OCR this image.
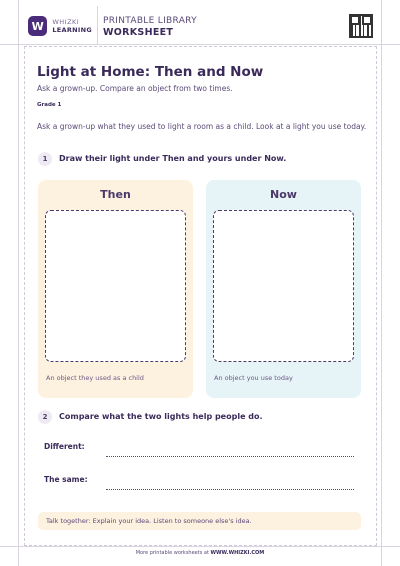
W	WHIZKI
LEARNING
PRINTABLE LIBRARY
WORKSHEET
Light at Home: Then and Now
Ask a grown-up. Compare an object from two times.
Grade 1
Ask a grown-up what they used to light a room as a child. Look at a light you use today.
1	Draw their light under Then and yours under Now.
Then
An object they used as a child
Now
An object you use today
2	Compare what the two lights help people do.
Different:
The same:
Talk together: Explain your idea. Listen to someone else's idea.
More printable worksheets at WWW.WHIZKI.COM
